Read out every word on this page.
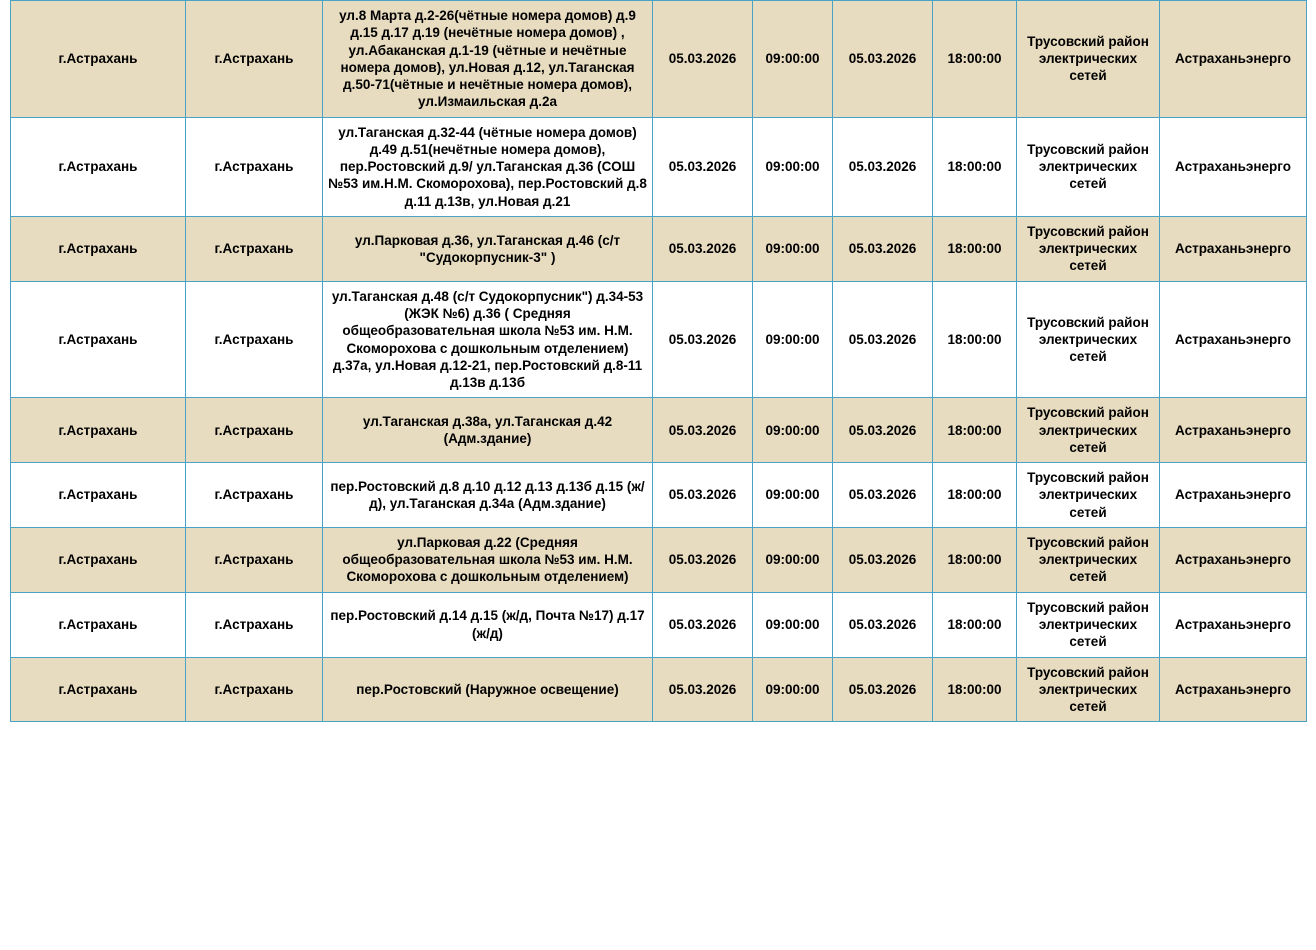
г.Астрахань	г.Астрахань	ул.8 Марта д.2-26(чётные номера домов) д.9 д.15 д.17 д.19 (нечётные номера домов) , ул.Абаканская д.1-19 (чётные и нечётные номера домов), ул.Новая д.12, ул.Таганская д.50-71(чётные и нечётные номера домов), ул.Измаильская д.2а	05.03.2026	09:00:00	05.03.2026	18:00:00	Трусовский район электрических сетей	Астраханьэнерго
г.Астрахань	г.Астрахань	ул.Таганская д.32-44 (чётные номера домов) д.49 д.51(нечётные номера домов), пер.Ростовский д.9/ ул.Таганская д.36 (СОШ №53 им.Н.М. Скоморохова), пер.Ростовский д.8 д.11 д.13в, ул.Новая д.21	05.03.2026	09:00:00	05.03.2026	18:00:00	Трусовский район электрических сетей	Астраханьэнерго
г.Астрахань	г.Астрахань	ул.Парковая д.36, ул.Таганская д.46 (с/т "Судокорпусник-3" )	05.03.2026	09:00:00	05.03.2026	18:00:00	Трусовский район электрических сетей	Астраханьэнерго
г.Астрахань	г.Астрахань	ул.Таганская д.48 (с/т Судокорпусник") д.34-53 (ЖЭК №6) д.36 ( Средняя общеобразовательная школа №53 им. Н.М. Скоморохова с дошкольным отделением) д.37а, ул.Новая д.12-21, пер.Ростовский д.8-11 д.13в д.13б	05.03.2026	09:00:00	05.03.2026	18:00:00	Трусовский район электрических сетей	Астраханьэнерго
г.Астрахань	г.Астрахань	ул.Таганская д.38а, ул.Таганская д.42 (Адм.здание)	05.03.2026	09:00:00	05.03.2026	18:00:00	Трусовский район электрических сетей	Астраханьэнерго
г.Астрахань	г.Астрахань	пер.Ростовский д.8 д.10 д.12 д.13 д.13б д.15 (ж/д), ул.Таганская д.34а (Адм.здание)	05.03.2026	09:00:00	05.03.2026	18:00:00	Трусовский район электрических сетей	Астраханьэнерго
г.Астрахань	г.Астрахань	ул.Парковая д.22 (Средняя общеобразовательная школа №53 им. Н.М. Скоморохова с дошкольным отделением)	05.03.2026	09:00:00	05.03.2026	18:00:00	Трусовский район электрических сетей	Астраханьэнерго
г.Астрахань	г.Астрахань	пер.Ростовский д.14 д.15 (ж/д, Почта №17) д.17 (ж/д)	05.03.2026	09:00:00	05.03.2026	18:00:00	Трусовский район электрических сетей	Астраханьэнерго
г.Астрахань	г.Астрахань	пер.Ростовский (Наружное освещение)	05.03.2026	09:00:00	05.03.2026	18:00:00	Трусовский район электрических сетей	Астраханьэнерго
